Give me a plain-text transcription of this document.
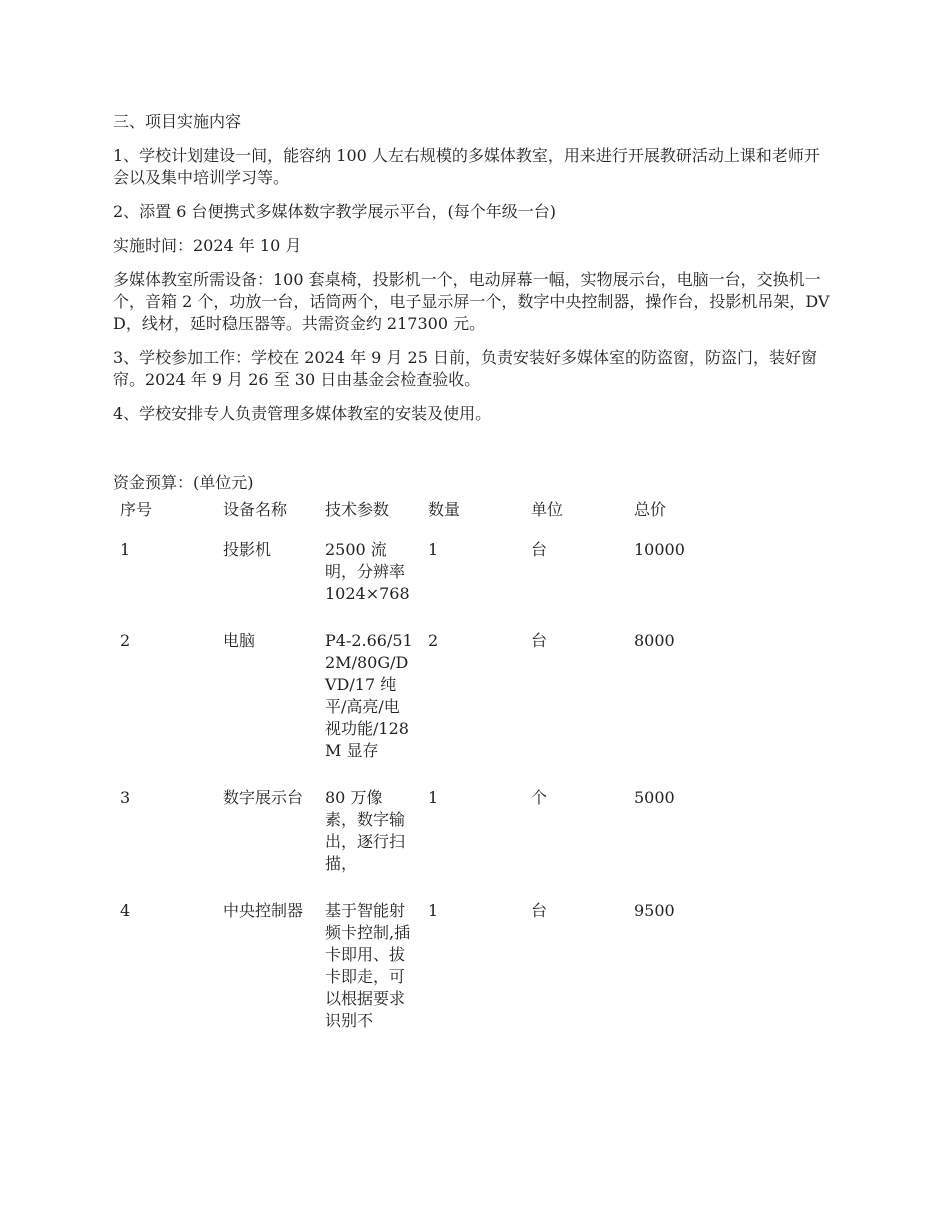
三、项目实施内容

1、学校计划建设一间，能容纳 100 人左右规模的多媒体教室，用来进行开展教研活动上课和老师开会以及集中培训学习等。

2、添置 6 台便携式多媒体数字教学展示平台，(每个年级一台)

实施时间：2024 年 10 月

多媒体教室所需设备：100 套桌椅，投影机一个，电动屏幕一幅，实物展示台，电脑一台，交换机一个，音箱 2 个，功放一台，话筒两个，电子显示屏一个，数字中央控制器，操作台，投影机吊架，DVD，线材，延时稳压器等。共需资金约 217300 元。

3、学校参加工作：学校在 2024 年 9 月 25 日前，负责安装好多媒体室的防盗窗，防盗门，装好窗帘。2024 年 9 月 26 至 30 日由基金会检查验收。

4、学校安排专人负责管理多媒体教室的安装及使用。

资金预算：(单位元)

序号	设备名称	技术参数	数量	单位	总价
1	投影机	2500 流明，分辨率 1024×768	1	台	10000
2	电脑	P4-2.66/512M/80G/DVD/17 纯平/高亮/电视功能/128M 显存	2	台	8000
3	数字展示台	80 万像素，数字输出，逐行扫描，	1	个	5000
4	中央控制器	基于智能射频卡控制,插卡即用、拔卡即走，可以根据要求识别不	1	台	9500
